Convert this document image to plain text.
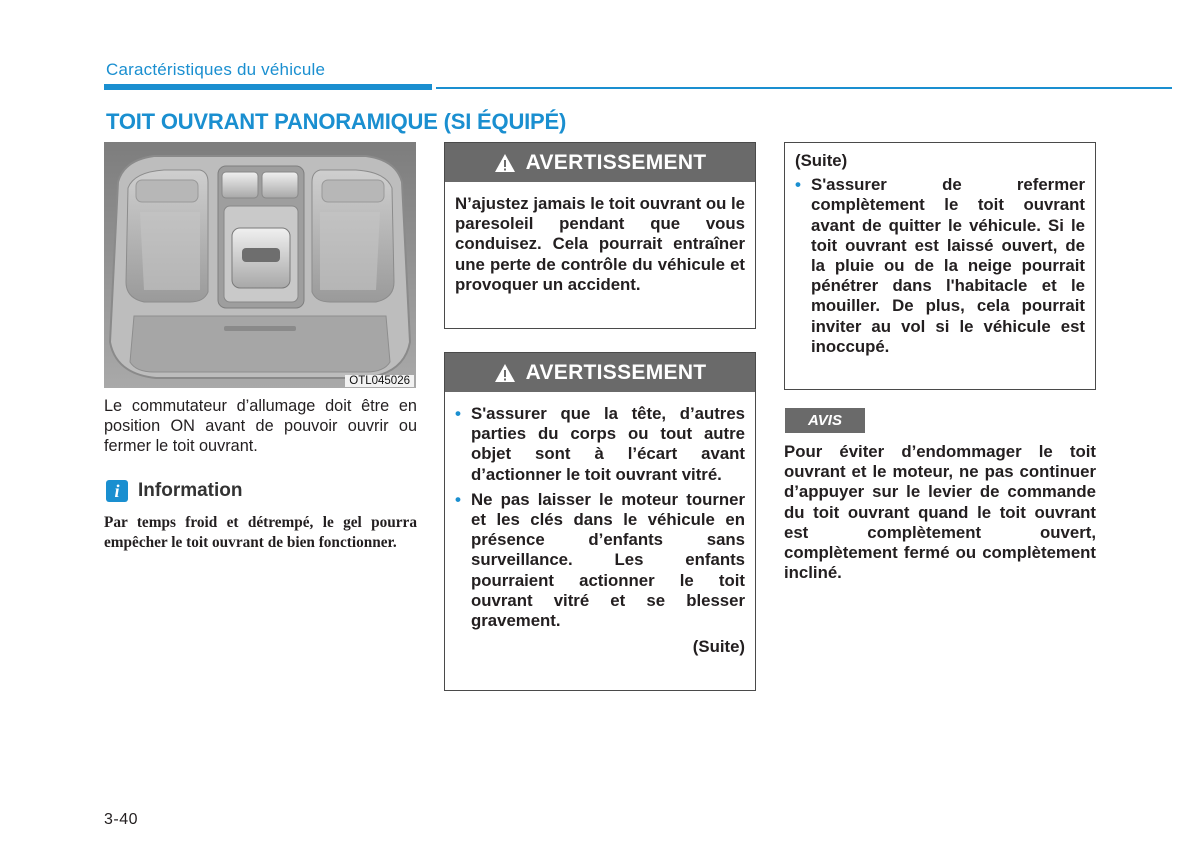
Caractéristiques du véhicule
TOIT OUVRANT PANORAMIQUE (SI ÉQUIPÉ)
OTL045026
Le commutateur d’allumage doit être en position ON avant de pouvoir ouvrir ou fermer le toit ouvrant.
i Information
Par temps froid et détrempé, le gel pourra empêcher le toit ouvrant de bien fonctionner.
AVERTISSEMENT
N’ajustez jamais le toit ouvrant ou le paresoleil pendant que vous conduisez. Cela pourrait entraîner une perte de contrôle du véhicule et provoquer un accident.
AVERTISSEMENT
• S'assurer que la tête, d’autres parties du corps ou tout autre objet sont à l’écart avant d’actionner le toit ouvrant vitré.
• Ne pas laisser le moteur tourner et les clés dans le véhicule en présence d’enfants sans surveillance. Les enfants pourraient actionner le toit ouvrant vitré et se blesser gravement.
(Suite)
(Suite)
• S'assurer de refermer complètement le toit ouvrant avant de quitter le véhicule. Si le toit ouvrant est laissé ouvert, de la pluie ou de la neige pourrait pénétrer dans l'habitacle et le mouiller. De plus, cela pourrait inviter au vol si le véhicule est inoccupé.
AVIS
Pour éviter d’endommager le toit ouvrant et le moteur, ne pas continuer d’appuyer sur le levier de commande du toit ouvrant quand le toit ouvrant est complètement ouvert, complètement fermé ou complètement incliné.
3-40
